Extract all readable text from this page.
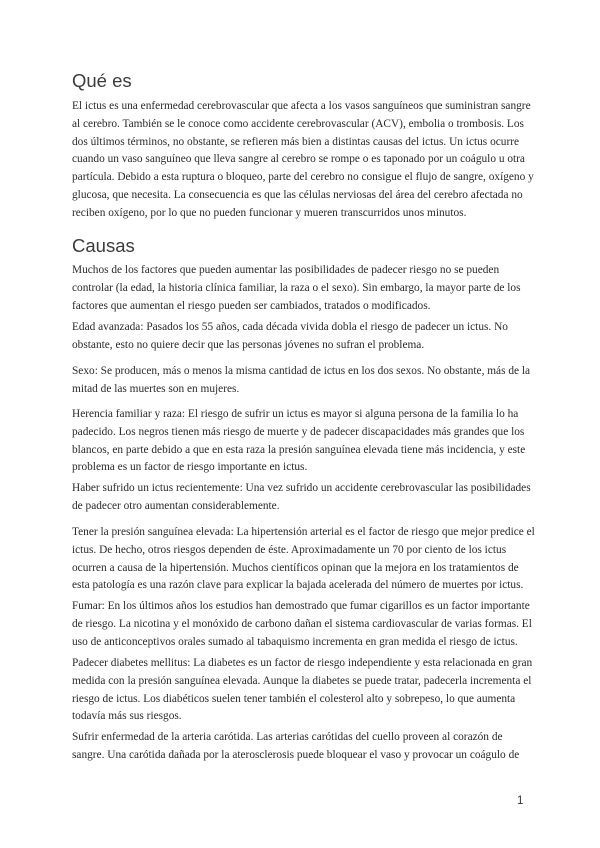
Qué es
El ictus es una enfermedad cerebrovascular que afecta a los vasos sanguíneos que suministran sangre
al cerebro. También se le conoce como accidente cerebrovascular (ACV), embolia o trombosis. Los
dos últimos términos, no obstante, se refieren más bien a distintas causas del ictus. Un ictus ocurre
cuando un vaso sanguíneo que lleva sangre al cerebro se rompe o es taponado por un coágulo u otra
partícula. Debido a esta ruptura o bloqueo, parte del cerebro no consigue el flujo de sangre, oxígeno y
glucosa, que necesita. La consecuencia es que las células nerviosas del área del cerebro afectada no
reciben oxígeno, por lo que no pueden funcionar y mueren transcurridos unos minutos.
Causas
Muchos de los factores que pueden aumentar las posibilidades de padecer riesgo no se pueden
controlar (la edad, la historia clínica familiar, la raza o el sexo). Sin embargo, la mayor parte de los
factores que aumentan el riesgo pueden ser cambiados, tratados o modificados.
Edad avanzada: Pasados los 55 años, cada década vivida dobla el riesgo de padecer un ictus. No
obstante, esto no quiere decir que las personas jóvenes no sufran el problema.
Sexo: Se producen, más o menos la misma cantidad de ictus en los dos sexos. No obstante, más de la
mitad de las muertes son en mujeres.
Herencia familiar y raza: El riesgo de sufrir un ictus es mayor si alguna persona de la familia lo ha
padecido. Los negros tienen más riesgo de muerte y de padecer discapacidades más grandes que los
blancos, en parte debido a que en esta raza la presión sanguínea elevada tiene más incidencia, y este
problema es un factor de riesgo importante en ictus.
Haber sufrido un ictus recientemente: Una vez sufrido un accidente cerebrovascular las posibilidades
de padecer otro aumentan considerablemente.
Tener la presión sanguínea elevada: La hipertensión arterial es el factor de riesgo que mejor predice el
ictus. De hecho, otros riesgos dependen de éste. Aproximadamente un 70 por ciento de los ictus
ocurren a causa de la hipertensión. Muchos científicos opinan que la mejora en los tratamientos de
esta patología es una razón clave para explicar la bajada acelerada del número de muertes por ictus.
Fumar: En los últimos años los estudios han demostrado que fumar cigarillos es un factor importante
de riesgo. La nicotina y el monóxido de carbono dañan el sistema cardiovascular de varias formas. El
uso de anticonceptivos orales sumado al tabaquismo incrementa en gran medida el riesgo de ictus.
Padecer diabetes mellitus: La diabetes es un factor de riesgo independiente y esta relacionada en gran
medida con la presión sanguínea elevada. Aunque la diabetes se puede tratar, padecerla incrementa el
riesgo de ictus. Los diabéticos suelen tener también el colesterol alto y sobrepeso, lo que aumenta
todavía más sus riesgos.
Sufrir enfermedad de la arteria carótida. Las arterias carótidas del cuello proveen al corazón de
sangre. Una carótida dañada por la aterosclerosis puede bloquear el vaso y provocar un coágulo de
1
